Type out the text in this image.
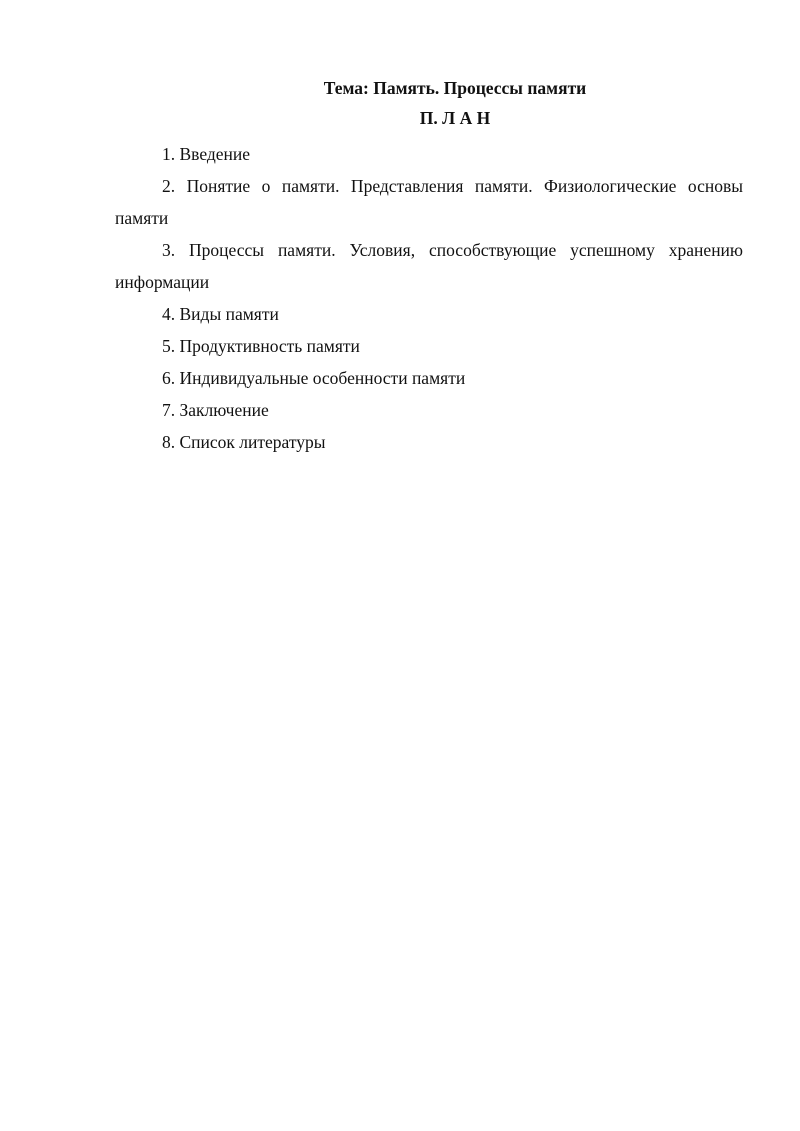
Тема: Память. Процессы памяти
П. Л А Н
1. Введение
2. Понятие о памяти. Представления памяти. Физиологические основы памяти
3. Процессы памяти. Условия, способствующие успешному хранению информации
4. Виды памяти
5. Продуктивность памяти
6. Индивидуальные особенности памяти
7. Заключение
8. Список литературы
